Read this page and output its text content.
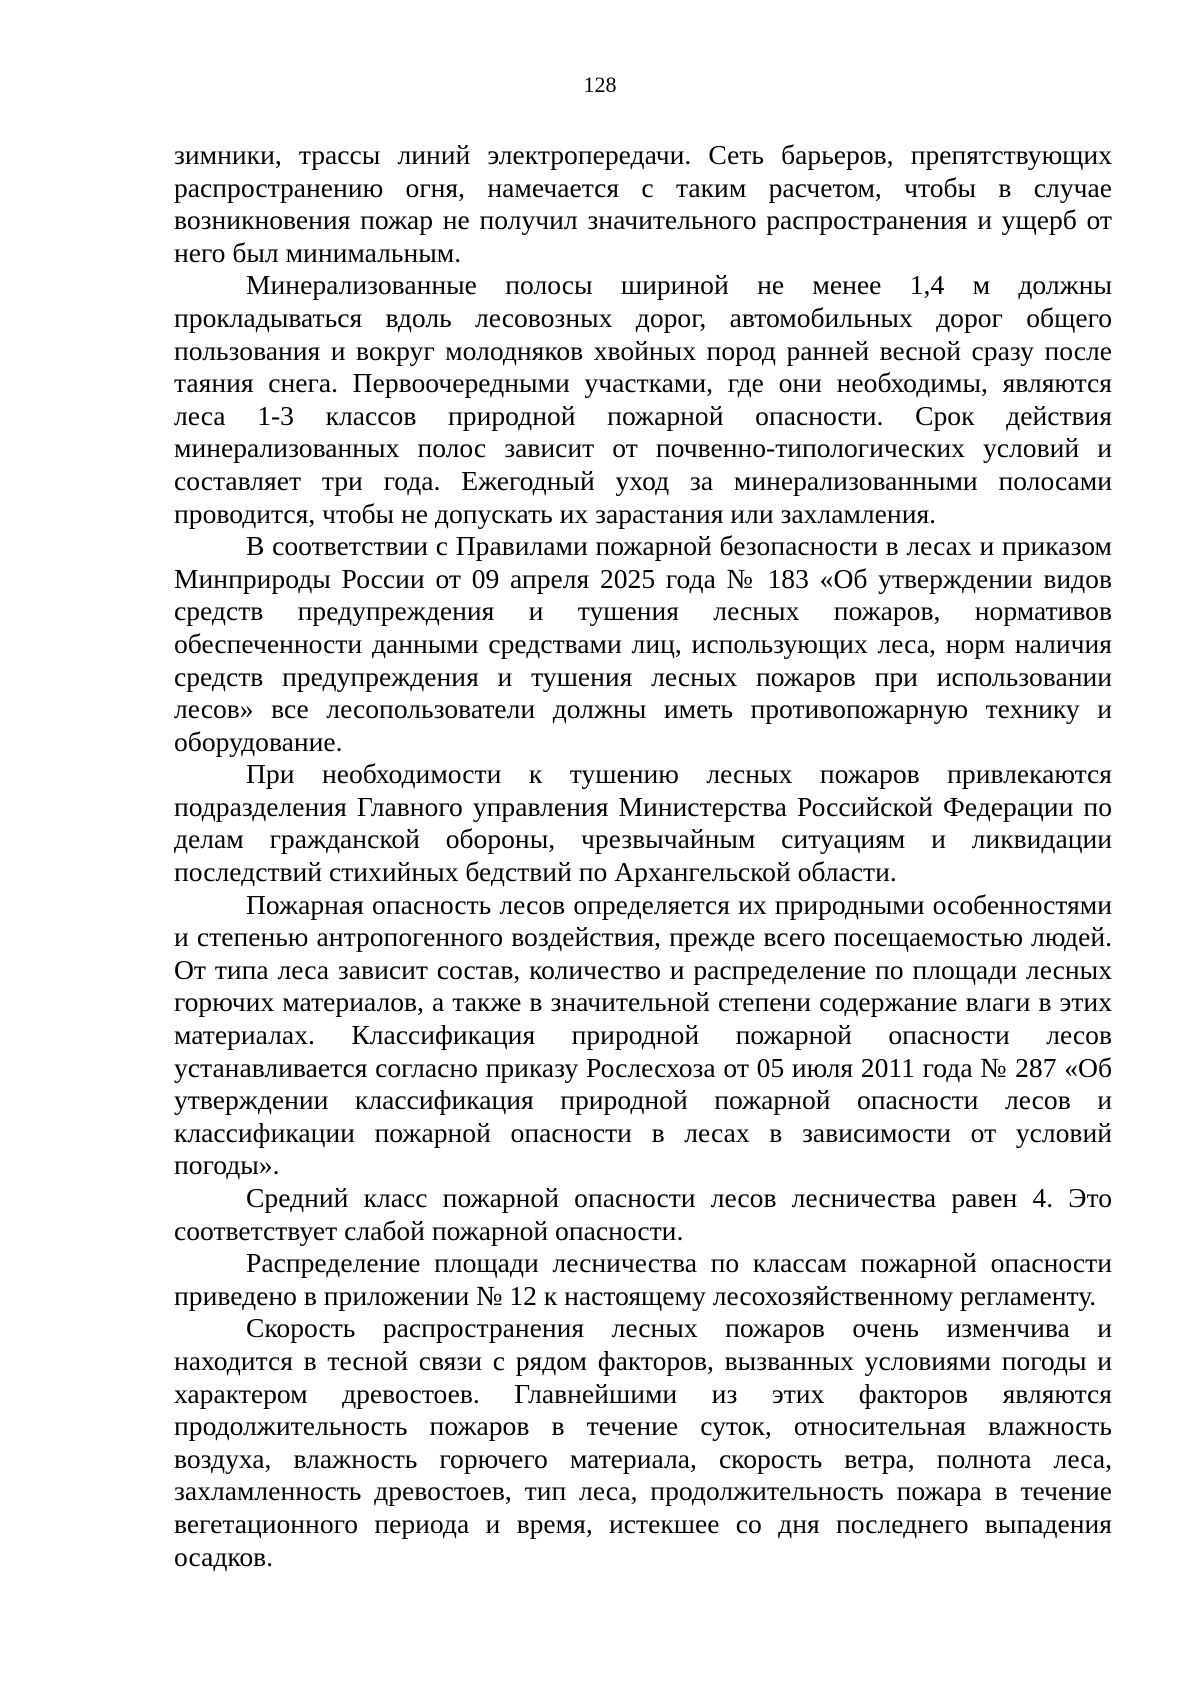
128

зимники, трассы линий электропередачи. Сеть барьеров, препятствующих распространению огня, намечается с таким расчетом, чтобы в случае возникновения пожар не получил значительного распространения и ущерб от него был минимальным.

Минерализованные полосы шириной не менее 1,4 м должны прокладываться вдоль лесовозных дорог, автомобильных дорог общего пользования и вокруг молодняков хвойных пород ранней весной сразу после таяния снега. Первоочередными участками, где они необходимы, являются леса 1-3 классов природной пожарной опасности. Срок действия минерализованных полос зависит от почвенно-типологических условий и составляет три года. Ежегодный уход за минерализованными полосами проводится, чтобы не допускать их зарастания или захламления.

В соответствии с Правилами пожарной безопасности в лесах и приказом Минприроды России от 09 апреля 2025 года № 183 «Об утверждении видов средств предупреждения и тушения лесных пожаров, нормативов обеспеченности данными средствами лиц, использующих леса, норм наличия средств предупреждения и тушения лесных пожаров при использовании лесов» все лесопользователи должны иметь противопожарную технику и оборудование.

При необходимости к тушению лесных пожаров привлекаются подразделения Главного управления Министерства Российской Федерации по делам гражданской обороны, чрезвычайным ситуациям и ликвидации последствий стихийных бедствий по Архангельской области.

Пожарная опасность лесов определяется их природными особенностями и степенью антропогенного воздействия, прежде всего посещаемостью людей. От типа леса зависит состав, количество и распределение по площади лесных горючих материалов, а также в значительной степени содержание влаги в этих материалах. Классификация природной пожарной опасности лесов устанавливается согласно приказу Рослесхоза от 05 июля 2011 года № 287 «Об утверждении классификация природной пожарной опасности лесов и классификации пожарной опасности в лесах в зависимости от условий погоды».

Средний класс пожарной опасности лесов лесничества равен 4. Это соответствует слабой пожарной опасности.

Распределение площади лесничества по классам пожарной опасности приведено в приложении № 12 к настоящему лесохозяйственному регламенту.

Скорость распространения лесных пожаров очень изменчива и находится в тесной связи с рядом факторов, вызванных условиями погоды и характером древостоев. Главнейшими из этих факторов являются продолжительность пожаров в течение суток, относительная влажность воздуха, влажность горючего материала, скорость ветра, полнота леса, захламленность древостоев, тип леса, продолжительность пожара в течение вегетационного периода и время, истекшее со дня последнего выпадения осадков.
